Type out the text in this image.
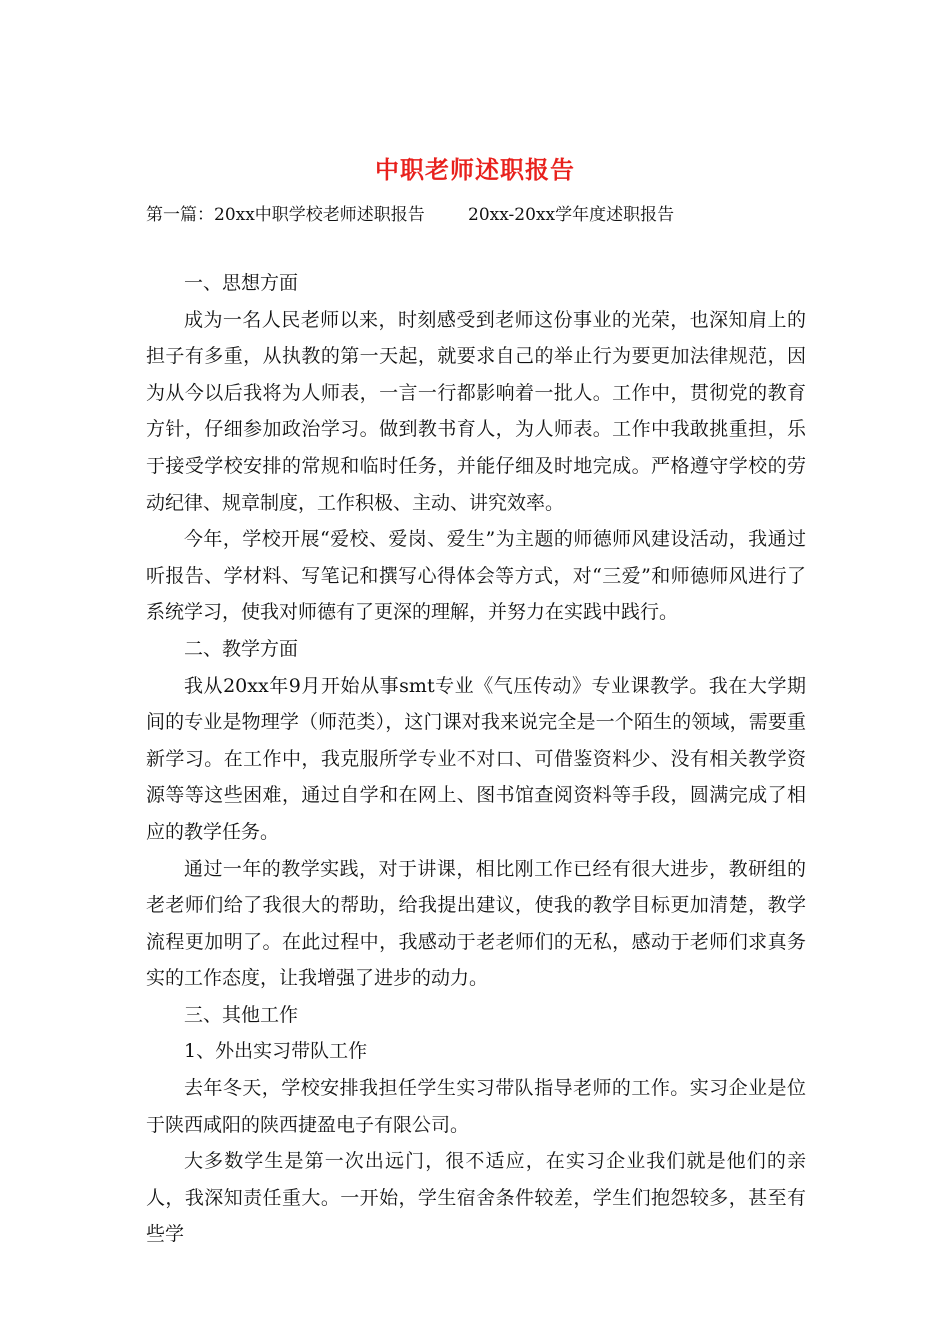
中职老师述职报告
第一篇：20xx中职学校老师述职报告        20xx-20xx学年度述职报告

一、思想方面

成为一名人民老师以来，时刻感受到老师这份事业的光荣，也深知肩上的担子有多重，从执教的第一天起，就要求自己的举止行为要更加法律规范，因为从今以后我将为人师表，一言一行都影响着一批人。工作中，贯彻党的教育方针，仔细参加政治学习。做到教书育人，为人师表。工作中我敢挑重担，乐于接受学校安排的常规和临时任务，并能仔细及时地完成。严格遵守学校的劳动纪律、规章制度，工作积极、主动、讲究效率。

今年，学校开展“爱校、爱岗、爱生”为主题的师德师风建设活动，我通过听报告、学材料、写笔记和撰写心得体会等方式，对“三爱”和师德师风进行了系统学习，使我对师德有了更深的理解，并努力在实践中践行。

二、教学方面

我从20xx年9月开始从事smt专业《气压传动》专业课教学。我在大学期间的专业是物理学（师范类），这门课对我来说完全是一个陌生的领域，需要重新学习。在工作中，我克服所学专业不对口、可借鉴资料少、没有相关教学资源等等这些困难，通过自学和在网上、图书馆查阅资料等手段，圆满完成了相应的教学任务。

通过一年的教学实践，对于讲课，相比刚工作已经有很大进步，教研组的老老师们给了我很大的帮助，给我提出建议，使我的教学目标更加清楚，教学流程更加明了。在此过程中，我感动于老老师们的无私，感动于老师们求真务实的工作态度，让我增强了进步的动力。

三、其他工作

1、外出实习带队工作

去年冬天，学校安排我担任学生实习带队指导老师的工作。实习企业是位于陕西咸阳的陕西捷盈电子有限公司。

大多数学生是第一次出远门，很不适应，在实习企业我们就是他们的亲人，我深知责任重大。一开始，学生宿舍条件较差，学生们抱怨较多，甚至有些学
